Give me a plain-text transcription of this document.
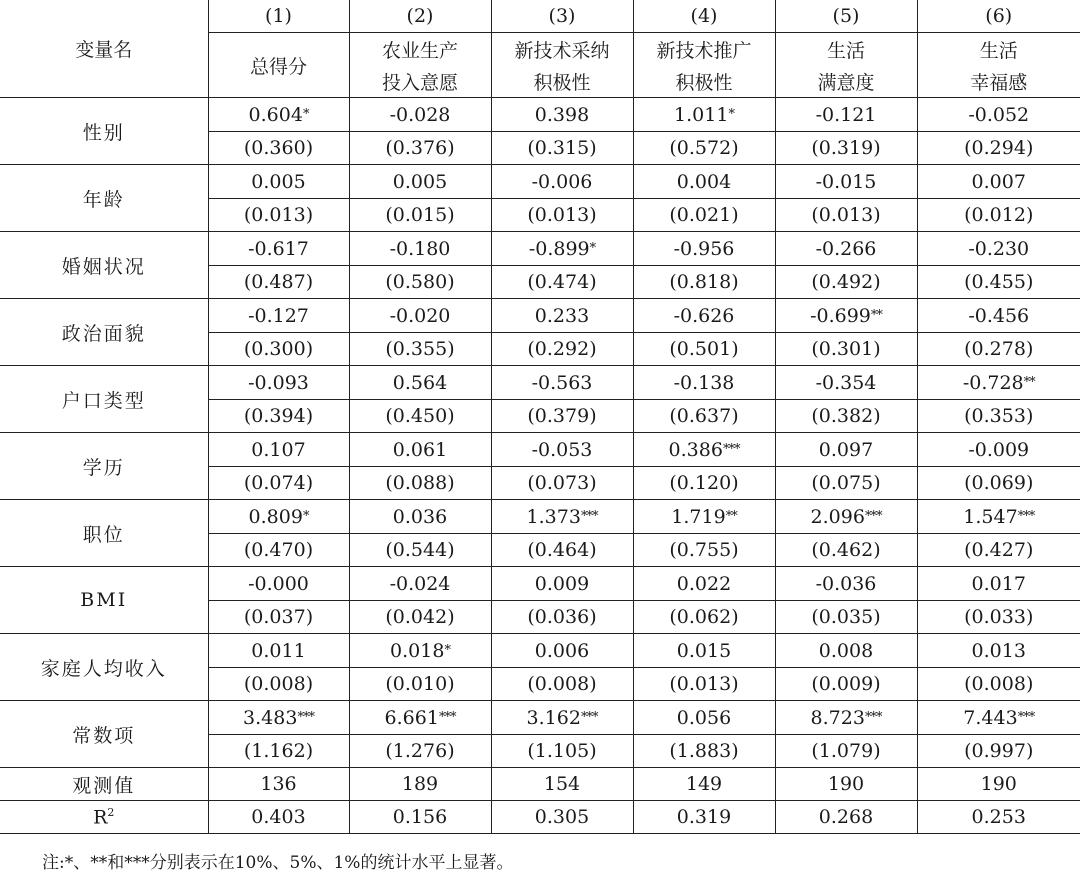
变量名	(1)	(2)	(3)	(4)	(5)	(6)
	总得分	农业生产	新技术采纳	新技术推广	生活	生活
		投入意愿	积极性	积极性	满意度	幸福感
性别	0.604*	-0.028	0.398	1.011*	-0.121	-0.052
	(0.360)	(0.376)	(0.315)	(0.572)	(0.319)	(0.294)
年龄	0.005	0.005	-0.006	0.004	-0.015	0.007
	(0.013)	(0.015)	(0.013)	(0.021)	(0.013)	(0.012)
婚姻状况	-0.617	-0.180	-0.899*	-0.956	-0.266	-0.230
	(0.487)	(0.580)	(0.474)	(0.818)	(0.492)	(0.455)
政治面貌	-0.127	-0.020	0.233	-0.626	-0.699**	-0.456
	(0.300)	(0.355)	(0.292)	(0.501)	(0.301)	(0.278)
户口类型	-0.093	0.564	-0.563	-0.138	-0.354	-0.728**
	(0.394)	(0.450)	(0.379)	(0.637)	(0.382)	(0.353)
学历	0.107	0.061	-0.053	0.386***	0.097	-0.009
	(0.074)	(0.088)	(0.073)	(0.120)	(0.075)	(0.069)
职位	0.809*	0.036	1.373***	1.719**	2.096***	1.547***
	(0.470)	(0.544)	(0.464)	(0.755)	(0.462)	(0.427)
BMI	-0.000	-0.024	0.009	0.022	-0.036	0.017
	(0.037)	(0.042)	(0.036)	(0.062)	(0.035)	(0.033)
家庭人均收入	0.011	0.018*	0.006	0.015	0.008	0.013
	(0.008)	(0.010)	(0.008)	(0.013)	(0.009)	(0.008)
常数项	3.483***	6.661***	3.162***	0.056	8.723***	7.443***
	(1.162)	(1.276)	(1.105)	(1.883)	(1.079)	(0.997)
观测值	136	189	154	149	190	190
$R^2$	0.403	0.156	0.305	0.319	0.268	0.253
注:*、**和***分别表示在10%、5%、1%的统计水平上显著。
